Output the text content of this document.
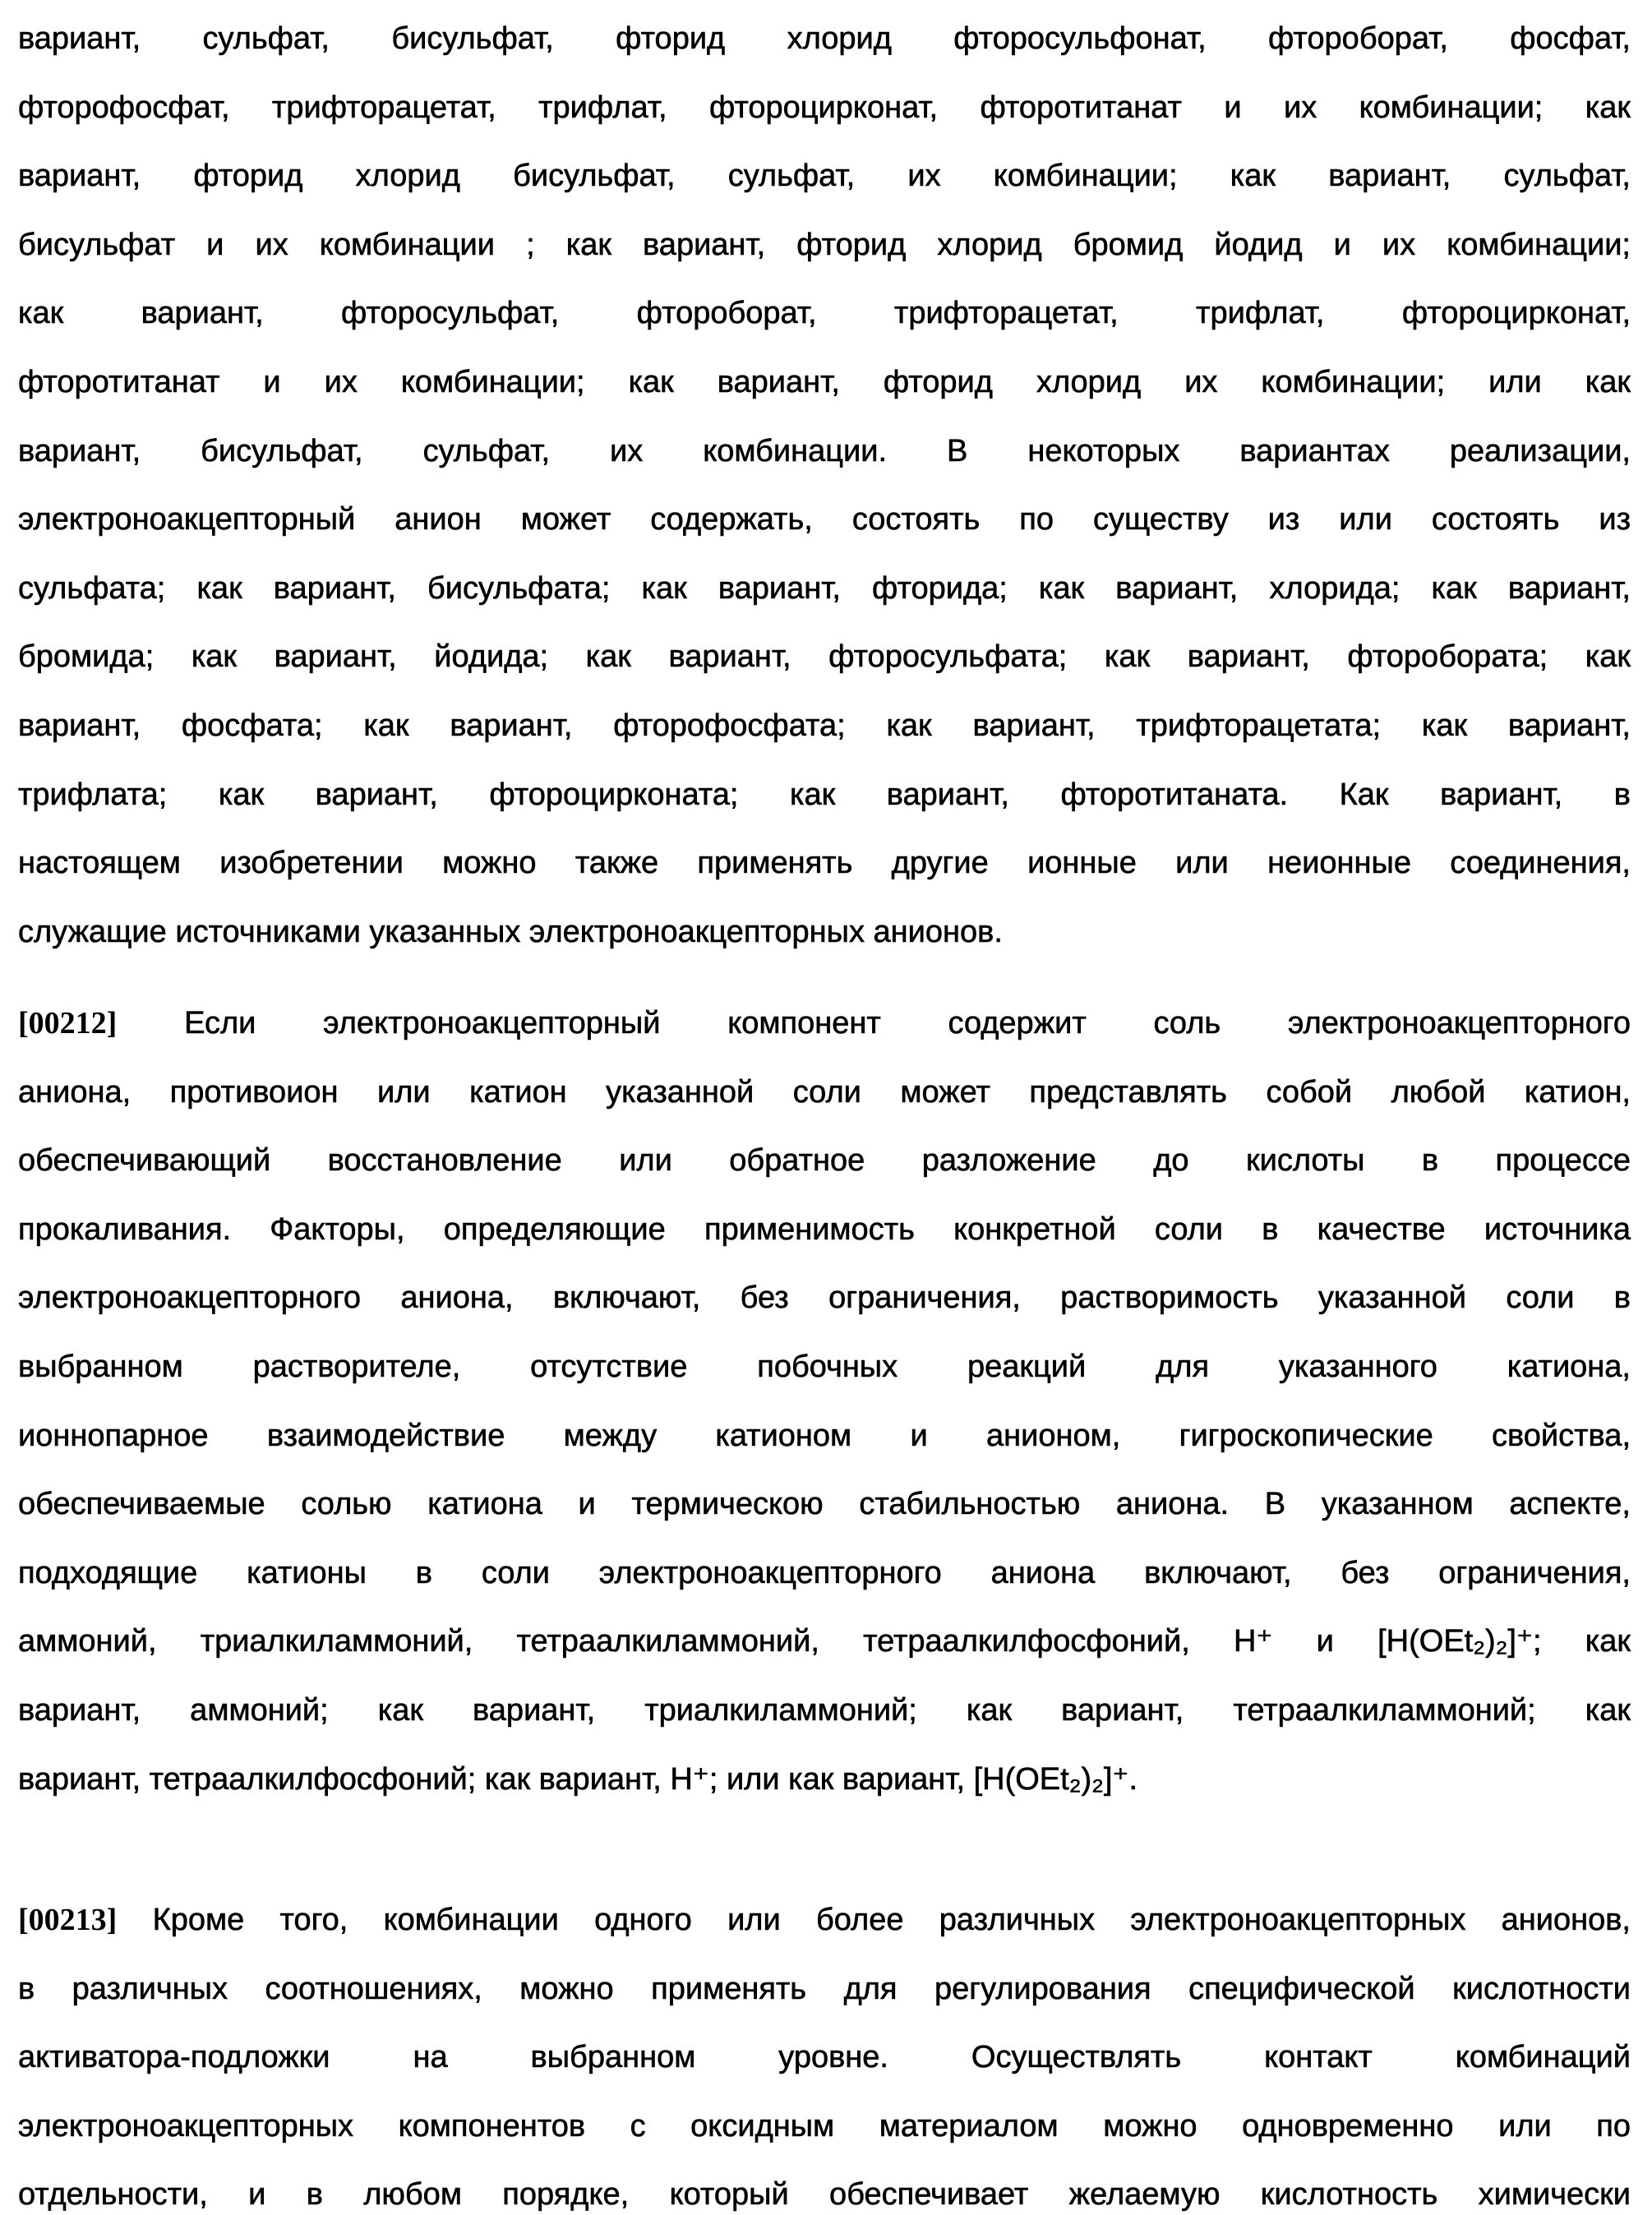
вариант, сульфат, бисульфат, фторид хлорид фторосульфонат, фтороборат, фосфат,
фторофосфат, трифторацетат, трифлат, фтороцирконат, фторотитанат и их комбинации; как
вариант, фторид хлорид бисульфат, сульфат, их комбинации; как вариант, сульфат,
бисульфат и их комбинации ; как вариант, фторид хлорид бромид йодид и их комбинации;
как вариант, фторосульфат, фтороборат, трифторацетат, трифлат, фтороцирконат,
фторотитанат и их комбинации; как вариант, фторид хлорид их комбинации; или как
вариант, бисульфат, сульфат, их комбинации. В некоторых вариантах реализации,
электроноакцепторный анион может содержать, состоять по существу из или состоять из
сульфата; как вариант, бисульфата; как вариант, фторида; как вариант, хлорида; как вариант,
бромида; как вариант, йодида; как вариант, фторосульфата; как вариант, фторобората; как
вариант, фосфата; как вариант, фторофосфата; как вариант, трифторацетата; как вариант,
трифлата; как вариант, фтороцирконата; как вариант, фторотитаната. Как вариант, в
настоящем изобретении можно также применять другие ионные или неионные соединения,
служащие источниками указанных электроноакцепторных анионов.
[00212] Если электроноакцепторный компонент содержит соль электроноакцепторного
аниона, противоион или катион указанной соли может представлять собой любой катион,
обеспечивающий восстановление или обратное разложение до кислоты в процессе
прокаливания. Факторы, определяющие применимость конкретной соли в качестве источника
электроноакцепторного аниона, включают, без ограничения, растворимость указанной соли в
выбранном растворителе, отсутствие побочных реакций для указанного катиона,
ионнопарное взаимодействие между катионом и анионом, гигроскопические свойства,
обеспечиваемые солью катиона и термическою стабильностью аниона. В указанном аспекте,
подходящие катионы в соли электроноакцепторного аниона включают, без ограничения,
аммоний, триалкиламмоний, тетраалкиламмоний, тетраалкилфосфоний, H⁺ и [H(OEt₂)₂]⁺; как
вариант, аммоний; как вариант, триалкиламмоний; как вариант, тетраалкиламмоний; как
вариант, тетраалкилфосфоний; как вариант, H⁺; или как вариант, [H(OEt₂)₂]⁺.
[00213] Кроме того, комбинации одного или более различных электроноакцепторных анионов,
в различных соотношениях, можно применять для регулирования специфической кислотности
активатора-подложки на выбранном уровне. Осуществлять контакт комбинаций
электроноакцепторных компонентов с оксидным материалом можно одновременно или по
отдельности, и в любом порядке, который обеспечивает желаемую кислотность химически
